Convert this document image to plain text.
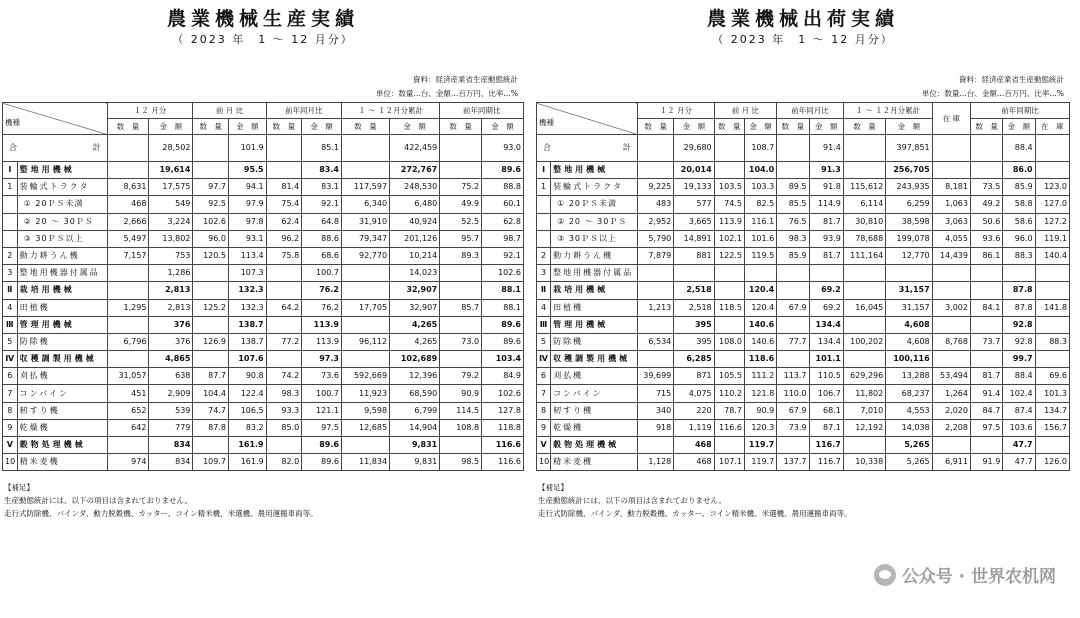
農業機械生産実績
（ 2023 年　1 ～ 12 月分）
資料：経済産業省生産動態統計
単位：数量…台、金額…百万円、比率…%
機種		１２ 月分		前 月 比		前年同月比		１ ～ １２月分累計		前年同期比	
		数　量	金　額	数　量	金　額	数　量	金　額	数　量	金　額	数　量	金　額

合 計			28,502		101.9		85.1		422,459		93.0
Ⅰ	整地用機械		19,614		95.5		83.4		272,767		89.6
1	装輪式トラクタ	8,631	17,575	97.7	94.1	81.4	83.1	117,597	248,530	75.2	88.8
	① 20ＰＳ未満	468	549	92.5	97.9	75.4	92.1	6,340	6,480	49.9	60.1
	② 20 ～ 30ＰＳ	2,666	3,224	102.6	97.8	62.4	64.8	31,910	40,924	52.5	62.8
	③ 30ＰＳ以上	5,497	13,802	96.0	93.1	96.2	88.6	79,347	201,126	95.7	98.7
2	動力耕うん機	7,157	753	120.5	113.4	75.8	68.6	92,770	10,214	89.3	92.1
3	整地用機器付属品		1,286		107.3		100.7		14,023		102.6
Ⅱ	栽培用機械		2,813		132.3		76.2		32,907		88.1
4	田植機	1,295	2,813	125.2	132.3	64.2	76.2	17,705	32,907	85.7	88.1
Ⅲ	管理用機械		376		138.7		113.9		4,265		89.6
5	防除機	6,796	376	126.9	138.7	77.2	113.9	96,112	4,265	73.0	89.6
Ⅳ	収穫調製用機械		4,865		107.6		97.3		102,689		103.4
6	刈払機	31,057	638	87.7	90.8	74.2	73.6	592,669	12,396	79.2	84.9
7	コンバイン	451	2,909	104.4	122.4	98.3	100.7	11,923	68,590	90.9	102.6
8	籾すり機	652	539	74.7	106.5	93.3	121.1	9,598	6,799	114.5	127.8
9	乾燥機	642	779	87.8	83.2	85.0	97.5	12,685	14,904	108.8	118.8
Ⅴ	穀物処理機械		834		161.9		89.6		9,831		116.6
10	精米麦機	974	834	109.7	161.9	82.0	89.6	11,834	9,831	98.5	116.6
【補足】
生産動態統計には、以下の項目は含まれておりません。
走行式防除機、バインダ、動力脱穀機、カッター、コイン精米機、米選機、農用運搬車両等。
農業機械出荷実績
（ 2023 年　1 ～ 12 月分）
資料：経済産業省生産動態統計
単位：数量…台、金額…百万円、比率…%
機種		１２ 月分		前 月 比		前年同月比		１ ～ １２月分累計		在 庫	前年同期比		
		数　量	金　額	数　量	金　額	数　量	金　額	数　量	金　額		数　量	金　額	在　庫

合 計			29,680		108.7		91.4		397,851			88.4	
Ⅰ	整地用機械		20,014		104.0		91.3		256,705			86.0	
1	装輪式トラクタ	9,225	19,133	103.5	103.3	89.5	91.8	115,612	243,935	8,181	73.5	85.9	123.0
	① 20ＰＳ未満	483	577	74.5	82.5	85.5	114.9	6,114	6,259	1,063	49.2	58.8	127.0
	② 20 ～ 30ＰＳ	2,952	3,665	113.9	116.1	76.5	81.7	30,810	38,598	3,063	50.6	58.6	127.2
	③ 30ＰＳ以上	5,790	14,891	102.1	101.6	98.3	93.9	78,688	199,078	4,055	93.6	96.0	119.1
2	動力耕うん機	7,879	881	122.5	119.5	85.9	81.7	111,164	12,770	14,439	86.1	88.3	140.4
3	整地用機器付属品												
Ⅱ	栽培用機械		2,518		120.4		69.2		31,157			87.8	
4	田植機	1,213	2,518	118.5	120.4	67.9	69.2	16,045	31,157	3,002	84.1	87.8	141.8
Ⅲ	管理用機械		395		140.6		134.4		4,608			92.8	
5	防除機	6,534	395	108.0	140.6	77.7	134.4	100,202	4,608	8,768	73.7	92.8	88.3
Ⅳ	収穫調製用機械		6,285		118.6		101.1		100,116			99.7	
6	刈払機	39,699	871	105.5	111.2	113.7	110.5	629,296	13,288	53,494	81.7	88.4	69.6
7	コンバイン	715	4,075	110.2	121.8	110.0	106.7	11,802	68,237	1,264	91.4	102.4	101.3
8	籾すり機	340	220	78.7	90.9	67.9	68.1	7,010	4,553	2,020	84.7	87.4	134.7
9	乾燥機	918	1,119	116.6	120.3	73.9	87.1	12,192	14,038	2,208	97.5	103.6	156.7
Ⅴ	穀物処理機械		468		119.7		116.7		5,265			47.7	
10	精米麦機	1,128	468	107.1	119.7	137.7	116.7	10,338	5,265	6,911	91.9	47.7	126.0
【補足】
生産動態統計には、以下の項目は含まれておりません。
走行式防除機、バインダ、動力脱穀機、カッター、コイン精米機、米選機、農用運搬車両等。
公众号 · 世界农机网
